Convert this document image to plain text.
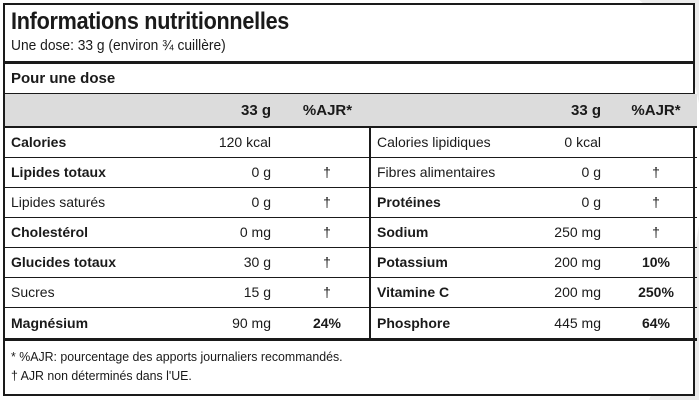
Informations nutritionnelles
Une dose: 33 g (environ ¾ cuillère)
Pour une dose
	33 g	%AJR*		33 g	%AJR*
Calories	120 kcal		Calories lipidiques	0 kcal	
Lipides totaux	0 g	†	Fibres alimentaires	0 g	†
Lipides saturés	0 g	†	Protéines	0 g	†
Cholestérol	0 mg	†	Sodium	250 mg	†
Glucides totaux	30 g	†	Potassium	200 mg	10%
Sucres	15 g	†	Vitamine C	200 mg	250%
Magnésium	90 mg	24%	Phosphore	445 mg	64%
* %AJR: pourcentage des apports journaliers recommandés.
† AJR non déterminés dans l'UE.
